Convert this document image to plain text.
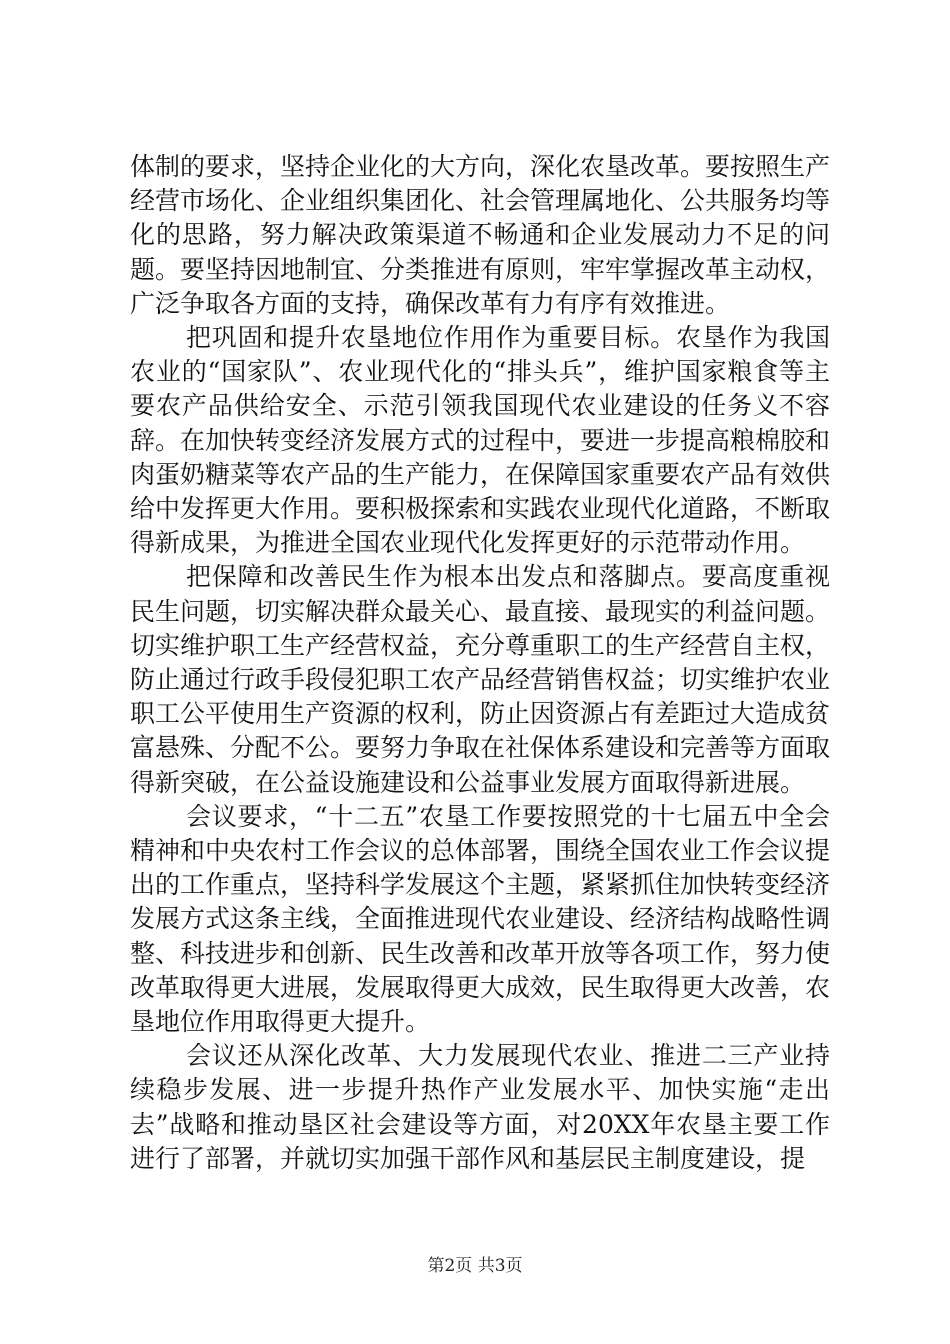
体制的要求，坚持企业化的大方向，深化农垦改革。要按照生产经营市场化、企业组织集团化、社会管理属地化、公共服务均等化的思路，努力解决政策渠道不畅通和企业发展动力不足的问题。要坚持因地制宜、分类推进有原则，牢牢掌握改革主动权，广泛争取各方面的支持，确保改革有力有序有效推进。

把巩固和提升农垦地位作用作为重要目标。农垦作为我国农业的“国家队”、农业现代化的“排头兵”，维护国家粮食等主要农产品供给安全、示范引领我国现代农业建设的任务义不容辞。在加快转变经济发展方式的过程中，要进一步提高粮棉胶和肉蛋奶糖菜等农产品的生产能力，在保障国家重要农产品有效供给中发挥更大作用。要积极探索和实践农业现代化道路，不断取得新成果，为推进全国农业现代化发挥更好的示范带动作用。

把保障和改善民生作为根本出发点和落脚点。要高度重视民生问题，切实解决群众最关心、最直接、最现实的利益问题。切实维护职工生产经营权益，充分尊重职工的生产经营自主权，防止通过行政手段侵犯职工农产品经营销售权益；切实维护农业职工公平使用生产资源的权利，防止因资源占有差距过大造成贫富悬殊、分配不公。要努力争取在社保体系建设和完善等方面取得新突破，在公益设施建设和公益事业发展方面取得新进展。

会议要求，“十二五”农垦工作要按照党的十七届五中全会精神和中央农村工作会议的总体部署，围绕全国农业工作会议提出的工作重点，坚持科学发展这个主题，紧紧抓住加快转变经济发展方式这条主线，全面推进现代农业建设、经济结构战略性调整、科技进步和创新、民生改善和改革开放等各项工作，努力使改革取得更大进展，发展取得更大成效，民生取得更大改善，农垦地位作用取得更大提升。

会议还从深化改革、大力发展现代农业、推进二三产业持续稳步发展、进一步提升热作产业发展水平、加快实施“走出去”战略和推动垦区社会建设等方面，对20XX年农垦主要工作进行了部署，并就切实加强干部作风和基层民主制度建设，提

第2页 共3页
